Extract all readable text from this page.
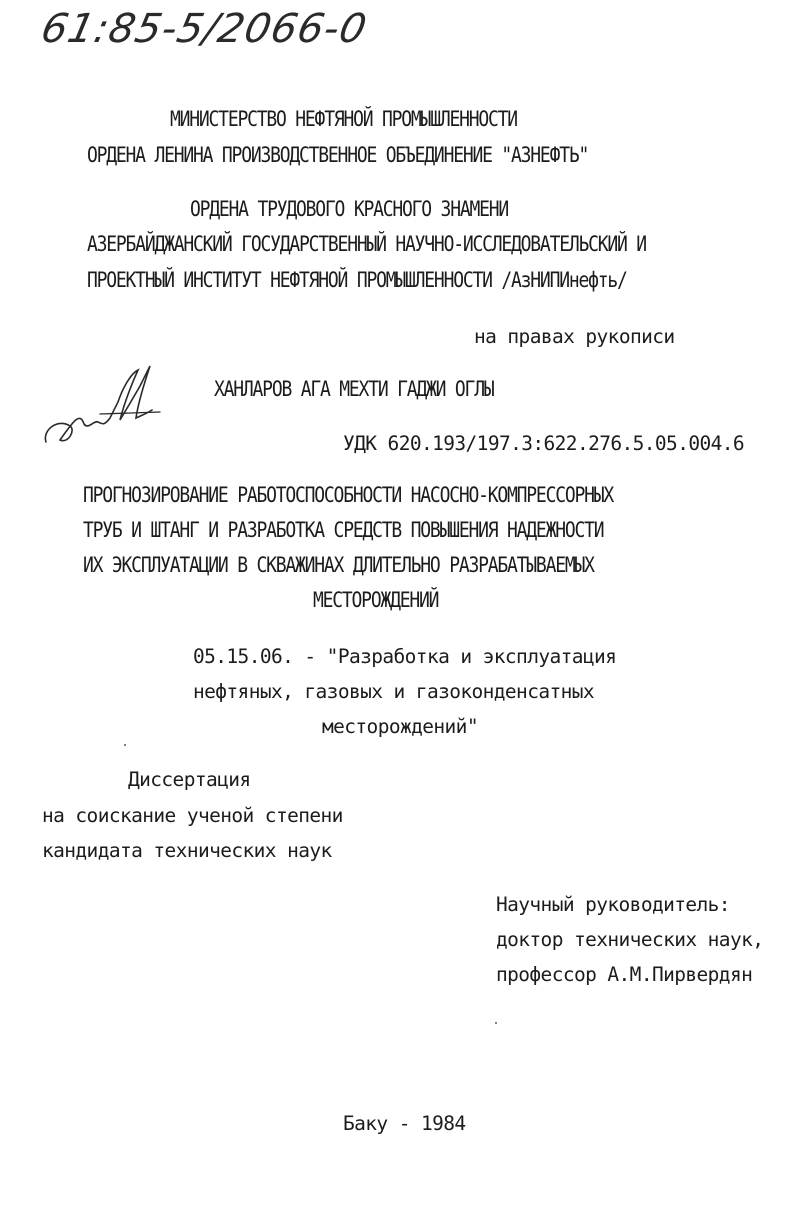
61:85-5/2066-0
МИНИСТЕРСТВО НЕФТЯНОЙ ПРОМЫШЛЕННОСТИ
ОРДЕНА ЛЕНИНА ПРОИЗВОДСТВЕННОЕ ОБЪЕДИНЕНИЕ "АЗНЕФТЬ"
ОРДЕНА ТРУДОВОГО КРАСНОГО ЗНАМЕНИ
АЗЕРБАЙДЖАНСКИЙ ГОСУДАРСТВЕННЫЙ НАУЧНО-ИССЛЕДОВАТЕЛЬСКИЙ И
ПРОЕКТНЫЙ ИНСТИТУТ НЕФТЯНОЙ ПРОМЫШЛЕННОСТИ /АзНИПИнефть/
на правах рукописи
ХАНЛАРОВ АГА МЕХТИ ГАДЖИ ОГЛЫ
УДК 620.193/197.3:622.276.5.05.004.6
ПРОГНОЗИРОВАНИЕ РАБОТОСПОСОБНОСТИ НАСОСНО-КОМПРЕССОРНЫХ
ТРУБ И ШТАНГ И РАЗРАБОТКА СРЕДСТВ ПОВЫШЕНИЯ НАДЕЖНОСТИ
ИХ ЭКСПЛУАТАЦИИ В СКВАЖИНАХ ДЛИТЕЛЬНО РАЗРАБАТЫВАЕМЫХ
МЕСТОРОЖДЕНИЙ
05.15.06. - "Разработка и эксплуатация
нефтяных, газовых и газоконденсатных
месторождений"
Диссертация
на соискание ученой степени
кандидата технических наук
Научный руководитель:
доктор технических наук,
профессор А.М.Пирвердян
Баку - 1984
